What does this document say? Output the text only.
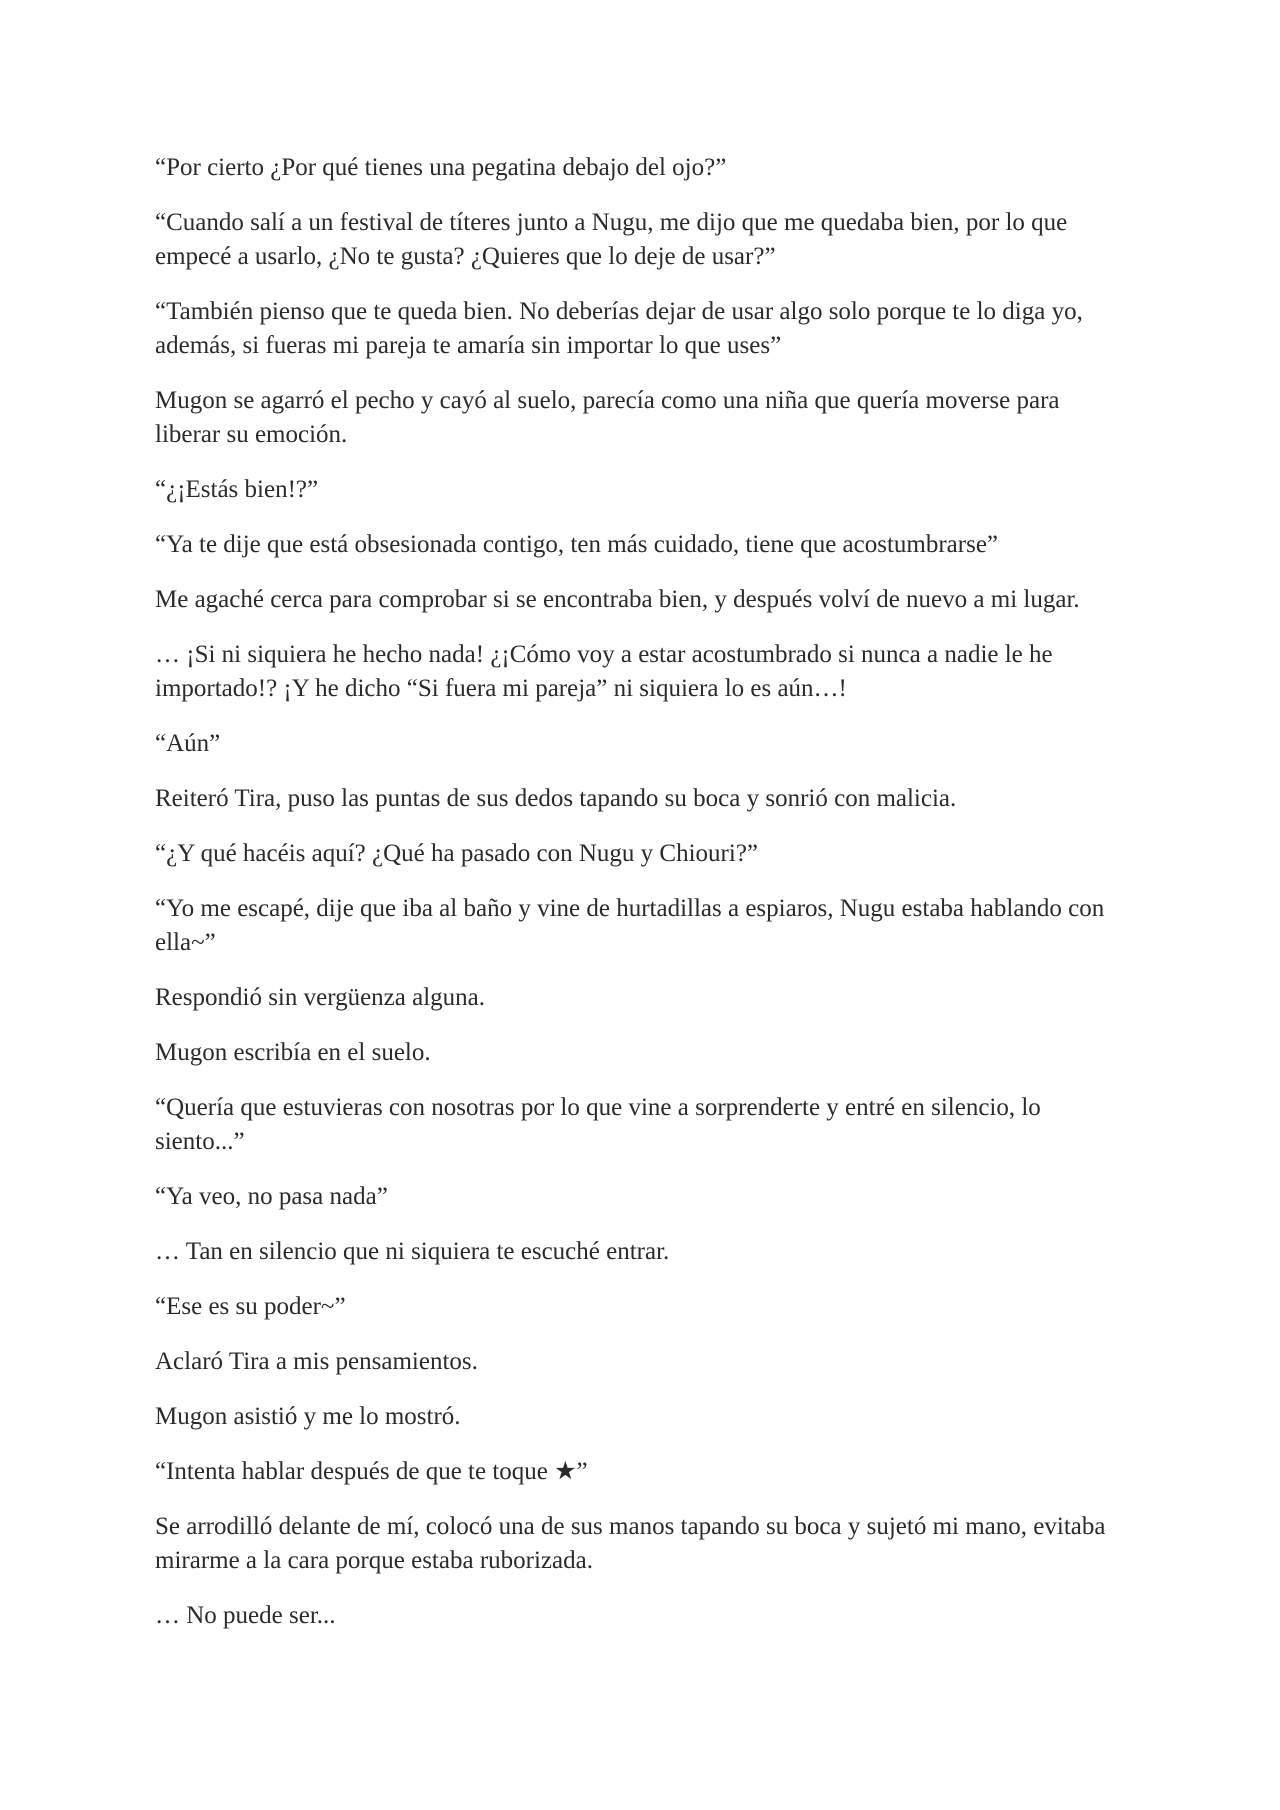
“Por cierto ¿Por qué tienes una pegatina debajo del ojo?”

“Cuando salí a un festival de títeres junto a Nugu, me dijo que me quedaba bien, por lo que empecé a usarlo, ¿No te gusta? ¿Quieres que lo deje de usar?”

“También pienso que te queda bien. No deberías dejar de usar algo solo porque te lo diga yo, además, si fueras mi pareja te amaría sin importar lo que uses”

Mugon se agarró el pecho y cayó al suelo, parecía como una niña que quería moverse para liberar su emoción.

“¿¡Estás bien!?”

“Ya te dije que está obsesionada contigo, ten más cuidado, tiene que acostumbrarse”

Me agaché cerca para comprobar si se encontraba bien, y después volví de nuevo a mi lugar.

… ¡Si ni siquiera he hecho nada! ¿¡Cómo voy a estar acostumbrado si nunca a nadie le he importado!? ¡Y he dicho “Si fuera mi pareja” ni siquiera lo es aún…!

“Aún”

Reiteró Tira, puso las puntas de sus dedos tapando su boca y sonrió con malicia.

“¿Y qué hacéis aquí? ¿Qué ha pasado con Nugu y Chiouri?”

“Yo me escapé, dije que iba al baño y vine de hurtadillas a espiaros, Nugu estaba hablando con ella~”

Respondió sin vergüenza alguna.

Mugon escribía en el suelo.

“Quería que estuvieras con nosotras por lo que vine a sorprenderte y entré en silencio, lo siento...”

“Ya veo, no pasa nada”

… Tan en silencio que ni siquiera te escuché entrar.

“Ese es su poder~”

Aclaró Tira a mis pensamientos.

Mugon asistió y me lo mostró.

“Intenta hablar después de que te toque ★”

Se arrodilló delante de mí, colocó una de sus manos tapando su boca y sujetó mi mano, evitaba mirarme a la cara porque estaba ruborizada.

… No puede ser...
